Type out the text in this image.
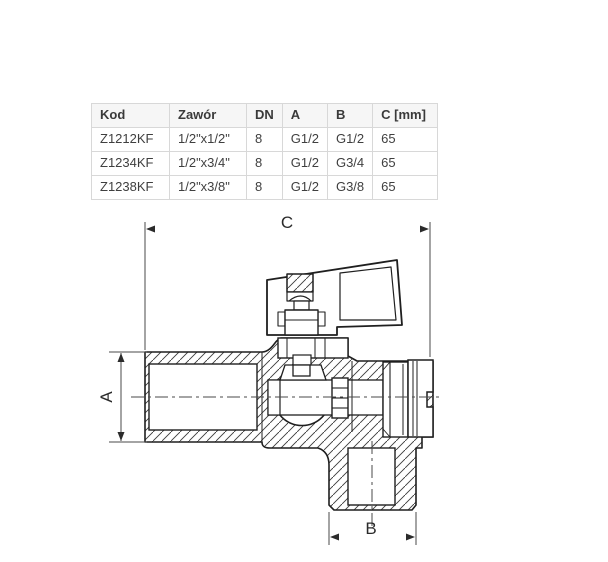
Kod	Zawór	DN	A	B	C [mm]
Z1212KF	1/2"x1/2"	8	G1/2	G1/2	65
Z1234KF	1/2"x3/4"	8	G1/2	G3/4	65
Z1238KF	1/2"x3/8"	8	G1/2	G3/8	65
C
A
B
